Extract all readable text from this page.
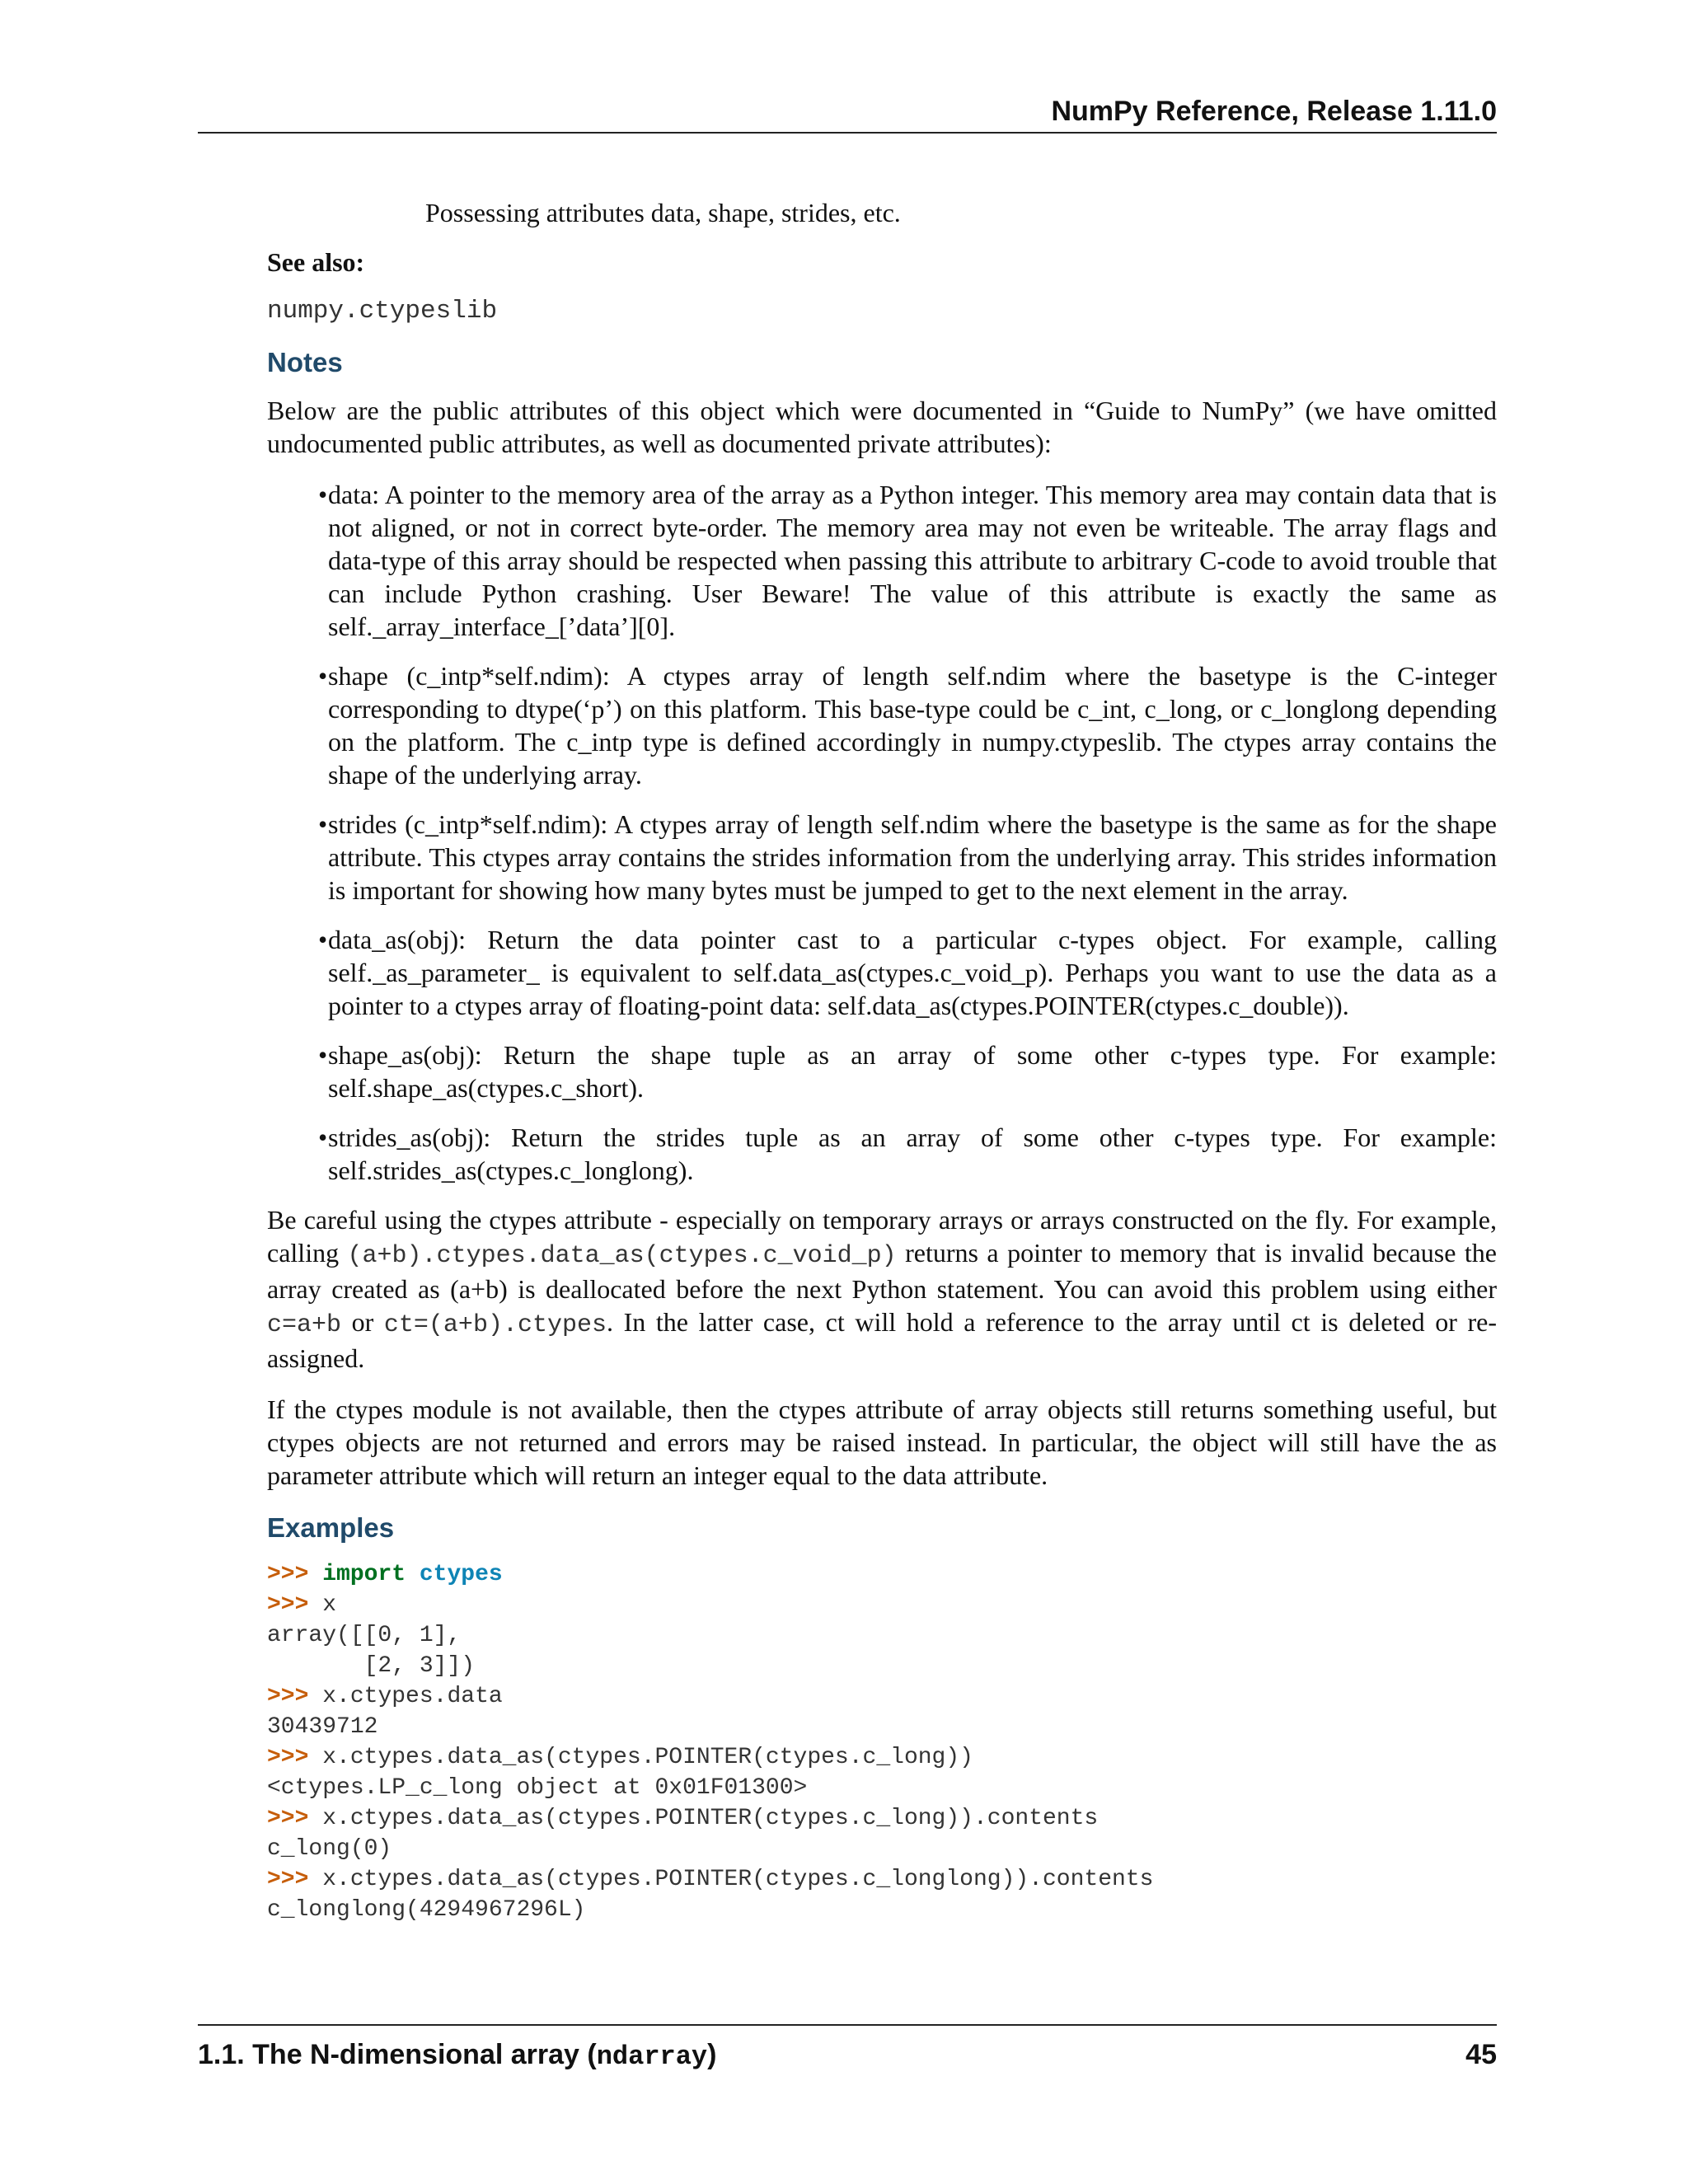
NumPy Reference, Release 1.11.0
Possessing attributes data, shape, strides, etc.
See also:
numpy.ctypeslib
Notes

Below are the public attributes of this object which were documented in “Guide to NumPy” (we have omitted undocumented public attributes, as well as documented private attributes):

• data: A pointer to the memory area of the array as a Python integer. This memory area may contain data that is not aligned, or not in correct byte-order. The memory area may not even be writeable. The array flags and data-type of this array should be respected when passing this attribute to arbitrary C-code to avoid trouble that can include Python crashing. User Beware! The value of this attribute is exactly the same as self._array_interface_[’data’][0].
• shape (c_intp*self.ndim): A ctypes array of length self.ndim where the basetype is the C-integer corresponding to dtype(‘p’) on this platform. This base-type could be c_int, c_long, or c_longlong depending on the platform. The c_intp type is defined accordingly in numpy.ctypeslib. The ctypes array contains the shape of the underlying array.
• strides (c_intp*self.ndim): A ctypes array of length self.ndim where the basetype is the same as for the shape attribute. This ctypes array contains the strides information from the underlying array. This strides information is important for showing how many bytes must be jumped to get to the next element in the array.
• data_as(obj): Return the data pointer cast to a particular c-types object. For example, calling self._as_parameter_ is equivalent to self.data_as(ctypes.c_void_p). Perhaps you want to use the data as a pointer to a ctypes array of floating-point data: self.data_as(ctypes.POINTER(ctypes.c_double)).
• shape_as(obj): Return the shape tuple as an array of some other c-types type. For example: self.shape_as(ctypes.c_short).
• strides_as(obj): Return the strides tuple as an array of some other c-types type. For example: self.strides_as(ctypes.c_longlong).

Be careful using the ctypes attribute - especially on temporary arrays or arrays constructed on the fly. For example, calling (a+b).ctypes.data_as(ctypes.c_void_p) returns a pointer to memory that is invalid because the array created as (a+b) is deallocated before the next Python statement. You can avoid this problem using either c=a+b or ct=(a+b).ctypes. In the latter case, ct will hold a reference to the array until ct is deleted or re-assigned.

If the ctypes module is not available, then the ctypes attribute of array objects still returns something useful, but ctypes objects are not returned and errors may be raised instead. In particular, the object will still have the as parameter attribute which will return an integer equal to the data attribute.

Examples
>>> import ctypes
>>> x
array([[0, 1],
[2, 3]])
>>> x.ctypes.data
30439712
>>> x.ctypes.data_as(ctypes.POINTER(ctypes.c_long))
<ctypes.LP_c_long object at 0x01F01300>
>>> x.ctypes.data_as(ctypes.POINTER(ctypes.c_long)).contents
c_long(0)
>>> x.ctypes.data_as(ctypes.POINTER(ctypes.c_longlong)).contents
c_longlong(4294967296L)
1.1. The N-dimensional array (ndarray)	45
